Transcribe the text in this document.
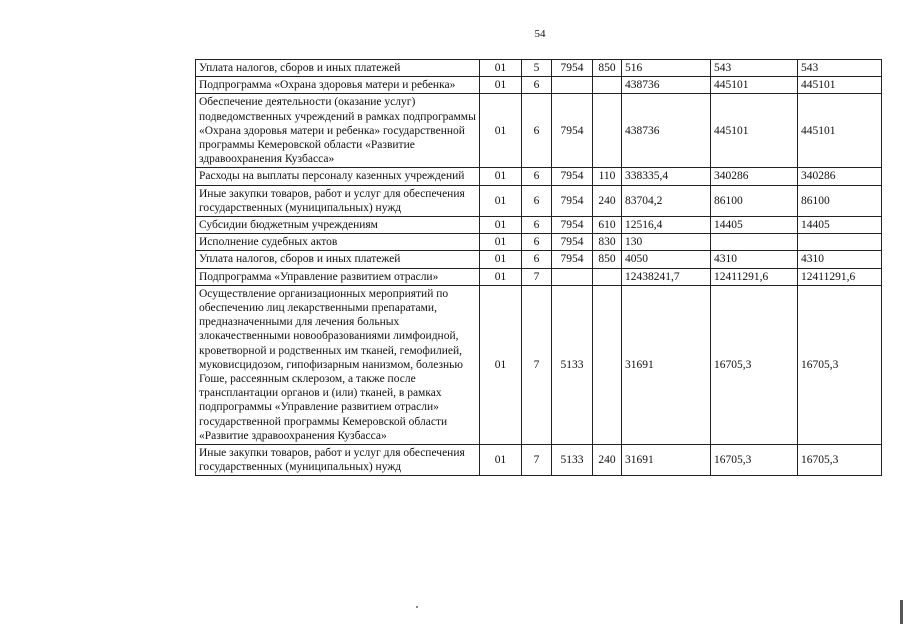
54
Уплата налогов, сборов и иных платежей	01	5	7954	850	516	543	543
Подпрограмма «Охрана здоровья матери и ребенка»	01	6			438736	445101	445101
Обеспечение деятельности (оказание услуг) подведомственных учреждений в рамках подпрограммы «Охрана здоровья матери и ребенка» государственной программы Кемеровской области «Развитие здравоохранения Кузбасса»	01	6	7954		438736	445101	445101
Расходы на выплаты персоналу казенных учреждений	01	6	7954	110	338335,4	340286	340286
Иные закупки товаров, работ и услуг для обеспечения государственных (муниципальных) нужд	01	6	7954	240	83704,2	86100	86100
Субсидии бюджетным учреждениям	01	6	7954	610	12516,4	14405	14405
Исполнение судебных актов	01	6	7954	830	130		
Уплата налогов, сборов и иных платежей	01	6	7954	850	4050	4310	4310
Подпрограмма «Управление развитием отрасли»	01	7			12438241,7	12411291,6	12411291,6
Осуществление организационных мероприятий по обеспечению лиц лекарственными препаратами, предназначенными для лечения больных злокачественными новообразованиями лимфоидной, кроветворной и родственных им тканей, гемофилией, муковисцидозом, гипофизарным нанизмом, болезнью Гоше, рассеянным склерозом, а также после трансплантации органов и (или) тканей, в рамках подпрограммы «Управление развитием отрасли» государственной программы Кемеровской области «Развитие здравоохранения Кузбасса»	01	7	5133		31691	16705,3	16705,3
Иные закупки товаров, работ и услуг для обеспечения государственных (муниципальных) нужд	01	7	5133	240	31691	16705,3	16705,3
